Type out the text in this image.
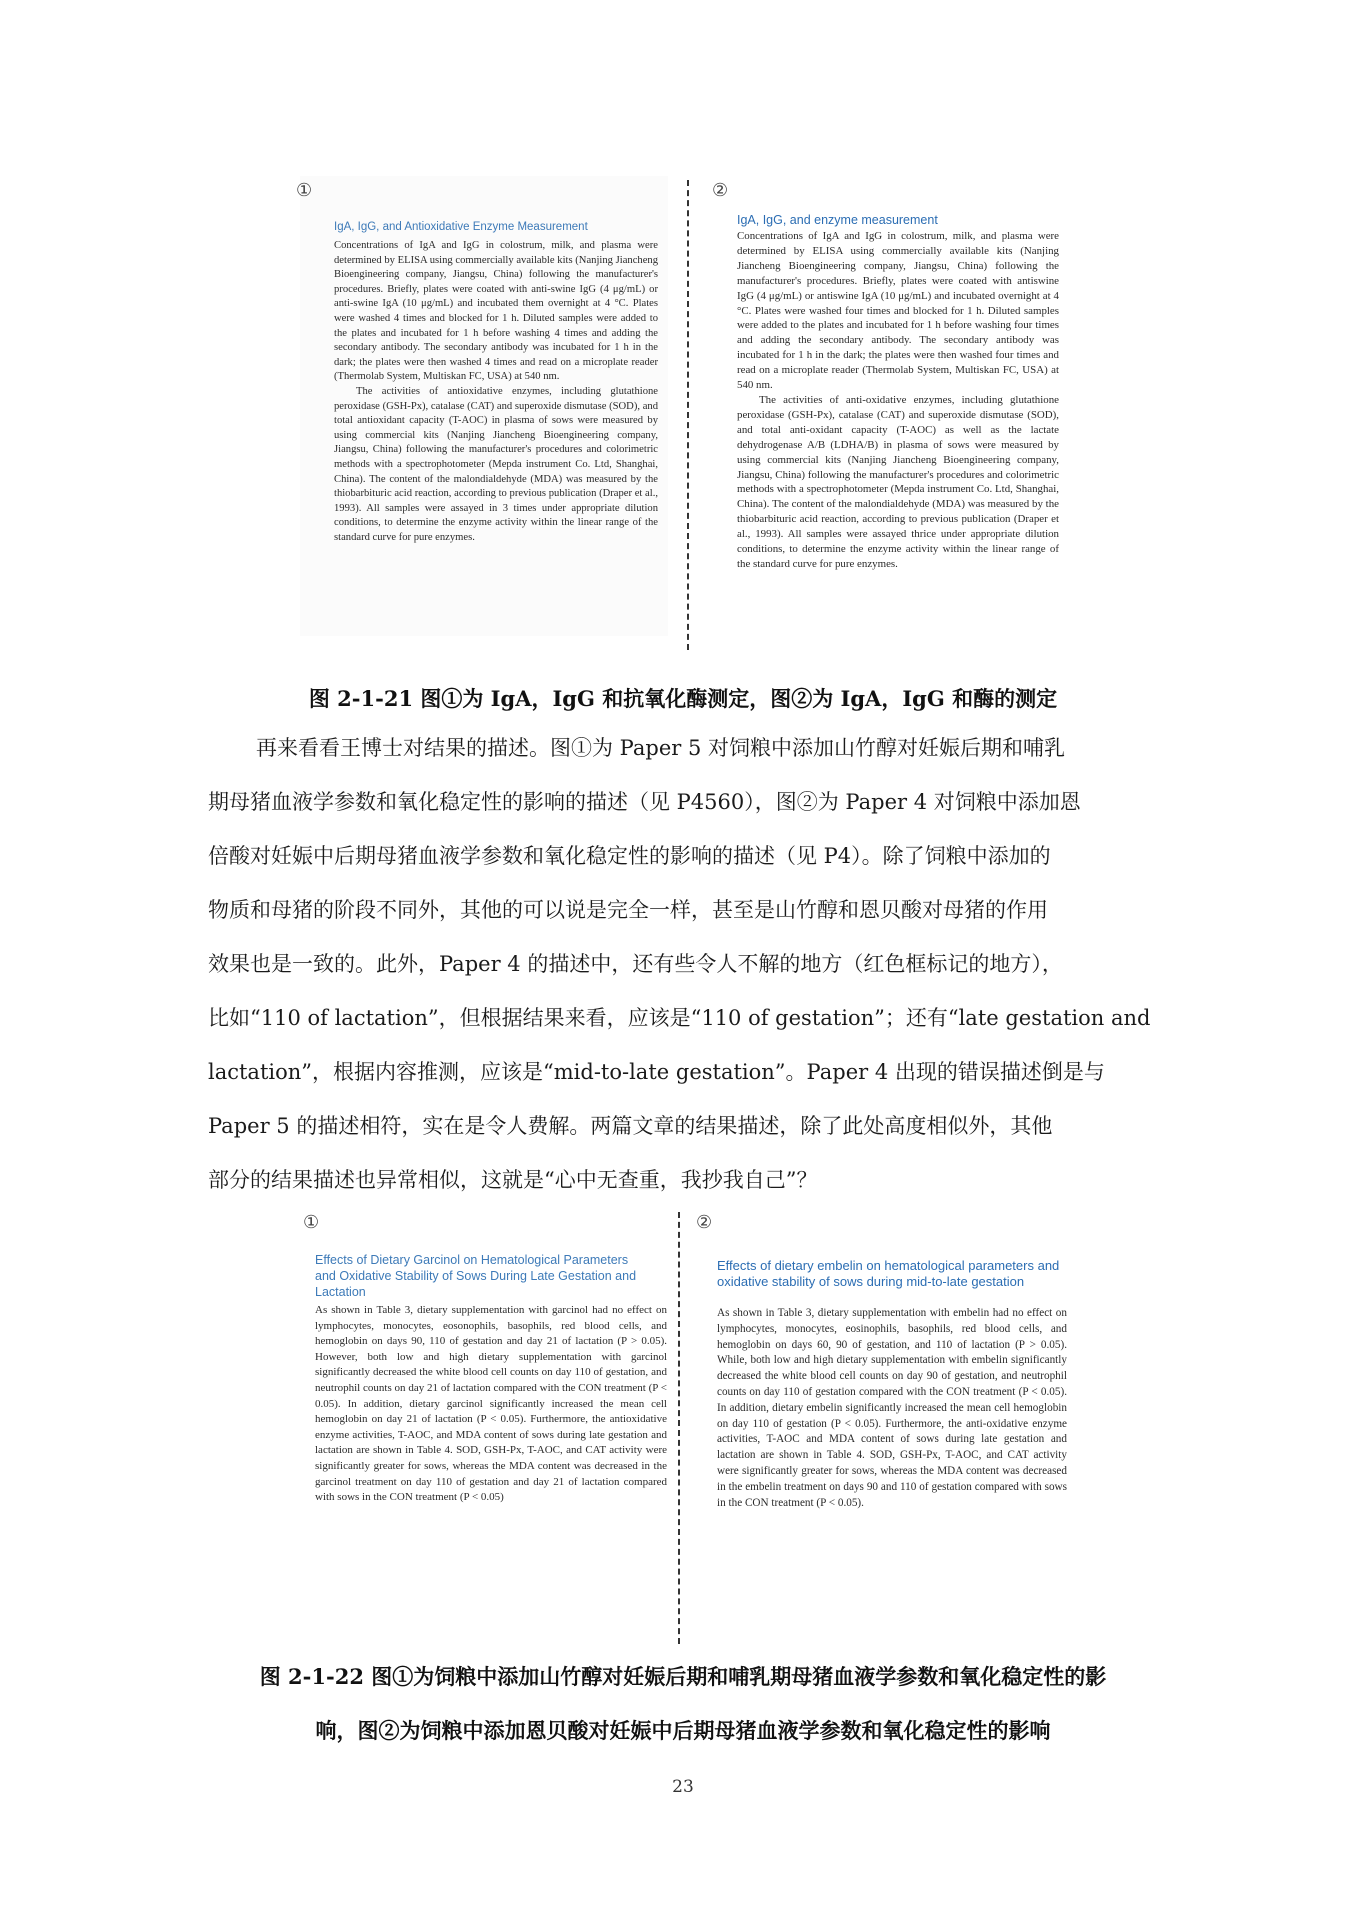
①
IgA, IgG, and Antioxidative Enzyme Measurement

Concentrations of IgA and IgG in colostrum, milk, and plasma were determined by ELISA using commercially available kits (Nanjing Jiancheng Bioengineering company, Jiangsu, China) following the manufacturer's procedures. Briefly, plates were coated with anti-swine IgG (4 μg/mL) or anti-swine IgA (10 μg/mL) and incubated them overnight at 4 °C. Plates were washed 4 times and blocked for 1 h. Diluted samples were added to the plates and incubated for 1 h before washing 4 times and adding the secondary antibody. The secondary antibody was incubated for 1 h in the dark; the plates were then washed 4 times and read on a microplate reader (Thermolab System, Multiskan FC, USA) at 540 nm.

The activities of antioxidative enzymes, including glutathione peroxidase (GSH-Px), catalase (CAT) and superoxide dismutase (SOD), and total antioxidant capacity (T-AOC) in plasma of sows were measured by using commercial kits (Nanjing Jiancheng Bioengineering company, Jiangsu, China) following the manufacturer's procedures and colorimetric methods with a spectrophotometer (Mepda instrument Co. Ltd, Shanghai, China). The content of the malondialdehyde (MDA) was measured by the thiobarbituric acid reaction, according to previous publication (Draper et al., 1993). All samples were assayed in 3 times under appropriate dilution conditions, to determine the enzyme activity within the linear range of the standard curve for pure enzymes.

②
IgA, IgG, and enzyme measurement

Concentrations of IgA and IgG in colostrum, milk, and plasma were determined by ELISA using commercially available kits (Nanjing Jiancheng Bioengineering company, Jiangsu, China) following the manufacturer's procedures. Briefly, plates were coated with antiswine IgG (4 μg/mL) or antiswine IgA (10 μg/mL) and incubated overnight at 4 °C. Plates were washed four times and blocked for 1 h. Diluted samples were added to the plates and incubated for 1 h before washing four times and adding the secondary antibody. The secondary antibody was incubated for 1 h in the dark; the plates were then washed four times and read on a microplate reader (Thermolab System, Multiskan FC, USA) at 540 nm.

The activities of anti-oxidative enzymes, including glutathione peroxidase (GSH-Px), catalase (CAT) and superoxide dismutase (SOD), and total anti-oxidant capacity (T-AOC) as well as the lactate dehydrogenase A/B (LDHA/B) in plasma of sows were measured by using commercial kits (Nanjing Jiancheng Bioengineering company, Jiangsu, China) following the manufacturer's procedures and colorimetric methods with a spectrophotometer (Mepda instrument Co. Ltd, Shanghai, China). The content of the malondialdehyde (MDA) was measured by the thiobarbituric acid reaction, according to previous publication (Draper et al., 1993). All samples were assayed thrice under appropriate dilution conditions, to determine the enzyme activity within the linear range of the standard curve for pure enzymes.

图 2-1-21 图①为 IgA，IgG 和抗氧化酶测定，图②为 IgA，IgG 和酶的测定
再来看看王博士对结果的描述。图①为 Paper 5 对饲粮中添加山竹醇对妊娠后期和哺乳
期母猪血液学参数和氧化稳定性的影响的描述（见 P4560），图②为 Paper 4 对饲粮中添加恩
倍酸对妊娠中后期母猪血液学参数和氧化稳定性的影响的描述（见 P4）。除了饲粮中添加的
物质和母猪的阶段不同外，其他的可以说是完全一样，甚至是山竹醇和恩贝酸对母猪的作用
效果也是一致的。此外，Paper 4 的描述中，还有些令人不解的地方（红色框标记的地方），
比如“110 of lactation”，但根据结果来看，应该是“110 of gestation”；还有“late gestation and
lactation”，根据内容推测，应该是“mid-to-late gestation”。Paper 4 出现的错误描述倒是与
Paper 5 的描述相符，实在是令人费解。两篇文章的结果描述，除了此处高度相似外，其他
部分的结果描述也异常相似，这就是“心中无查重，我抄我自己”？
①
Effects of Dietary Garcinol on Hematological Parameters and Oxidative Stability of Sows During Late Gestation and Lactation

As shown in Table 3, dietary supplementation with garcinol had no effect on lymphocytes, monocytes, eosonophils, basophils, red blood cells, and hemoglobin on days 90, 110 of gestation and day 21 of lactation (P > 0.05). However, both low and high dietary supplementation with garcinol significantly decreased the white blood cell counts on day 110 of gestation, and neutrophil counts on day 21 of lactation compared with the CON treatment (P < 0.05). In addition, dietary garcinol significantly increased the mean cell hemoglobin on day 21 of lactation (P < 0.05). Furthermore, the antioxidative enzyme activities, T-AOC, and MDA content of sows during late gestation and lactation are shown in Table 4. SOD, GSH-Px, T-AOC, and CAT activity were significantly greater for sows, whereas the MDA content was decreased in the garcinol treatment on day 110 of gestation and day 21 of lactation compared with sows in the CON treatment (P < 0.05)

②
Effects of dietary embelin on hematological parameters and oxidative stability of sows during mid-to-late gestation

As shown in Table 3, dietary supplementation with embelin had no effect on lymphocytes, monocytes, eosinophils, basophils, red blood cells, and hemoglobin on days 60, 90 of gestation, and 110 of lactation (P > 0.05). While, both low and high dietary supplementation with embelin significantly decreased the white blood cell counts on day 90 of gestation, and neutrophil counts on day 110 of gestation compared with the CON treatment (P < 0.05). In addition, dietary embelin significantly increased the mean cell hemoglobin on day 110 of gestation (P < 0.05). Furthermore, the anti-oxidative enzyme activities, T-AOC and MDA content of sows during late gestation and lactation are shown in Table 4. SOD, GSH-Px, T-AOC, and CAT activity were significantly greater for sows, whereas the MDA content was decreased in the embelin treatment on days 90 and 110 of gestation compared with sows in the CON treatment (P < 0.05).

图 2-1-22 图①为饲粮中添加山竹醇对妊娠后期和哺乳期母猪血液学参数和氧化稳定性的影
响，图②为饲粮中添加恩贝酸对妊娠中后期母猪血液学参数和氧化稳定性的影响
23
